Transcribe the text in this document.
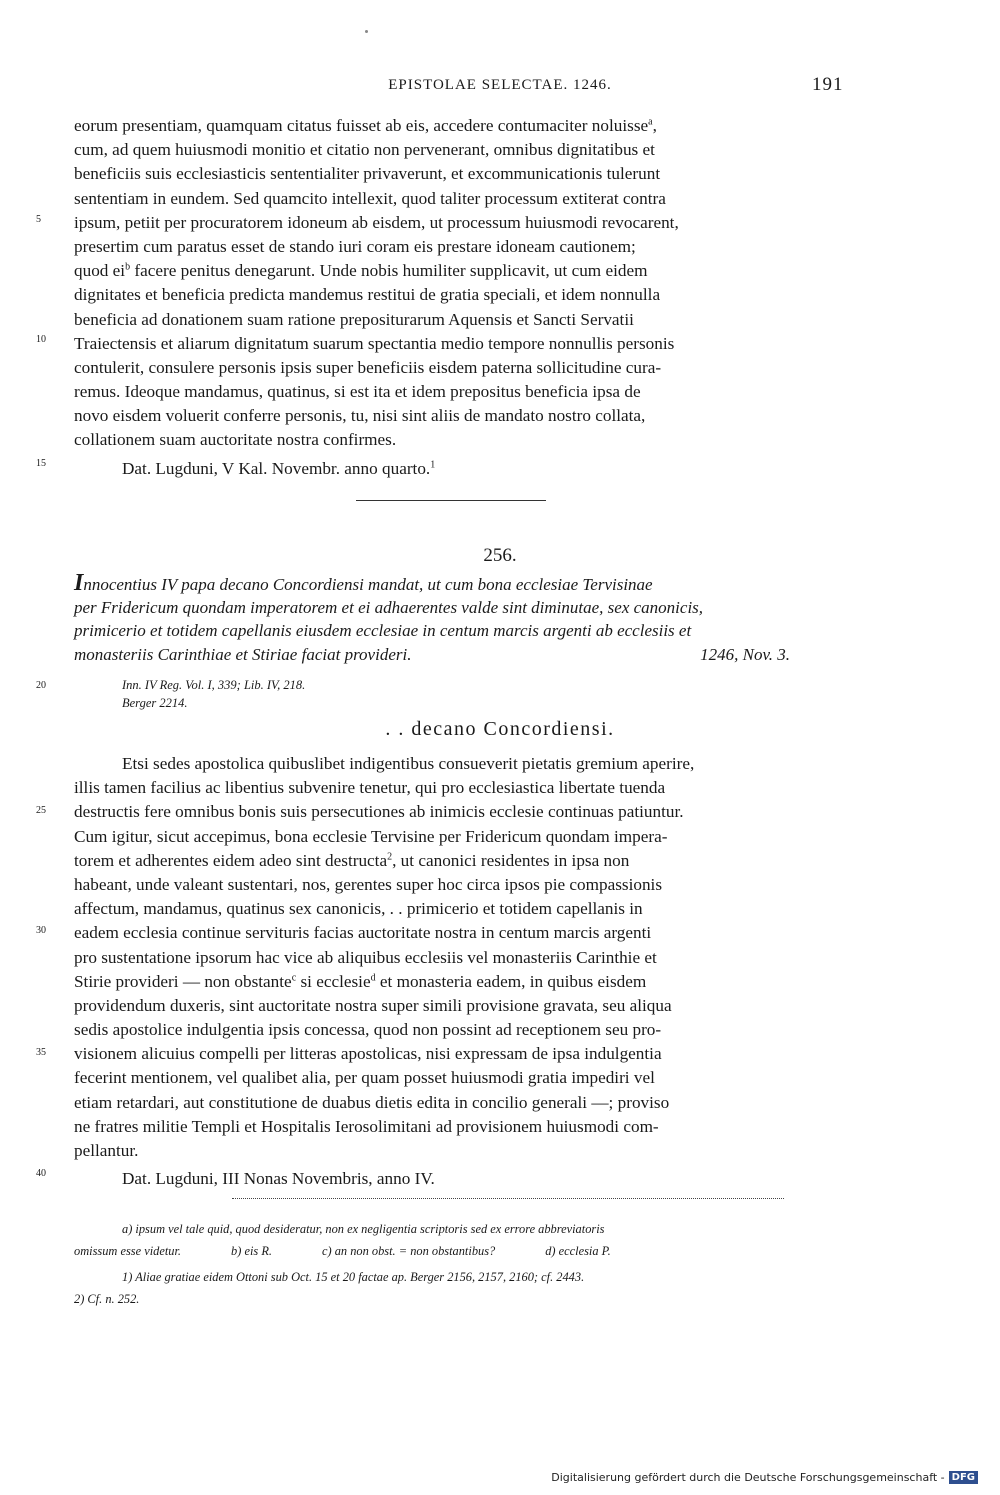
EPISTOLAE SELECTAE. 1246.	191
eorum presentiam, quamquam citatus fuisset ab eis, accedere contumaciter noluisse$^a$,
cum, ad quem huiusmodi monitio et citatio non pervenerant, omnibus dignitatibus et
beneficiis suis ecclesiasticis sententialiter privaverunt, et excommunicationis tulerunt
sententiam in eundem. Sed quamcito intellexit, quod taliter processum extiterat contra
ipsum, petiit per procuratorem idoneum ab eisdem, ut processum huiusmodi revocarent,
presertim cum paratus esset de stando iuri coram eis prestare idoneam cautionem;
quod $ei^b$ facere penitus denegarunt. Unde nobis humiliter supplicavit, ut cum eidem
dignitates et beneficia predicta mandemus restitui de gratia speciali, et idem nonnulla
beneficia ad donationem suam ratione prepositurarum Aquensis et Sancti Servatii
Traiectensis et aliarum dignitatum suarum spectantia medio tempore nonnullis personis
contulerit, consulere personis ipsis super beneficiis eisdem paterna sollicitudine cura-
remus. Ideoque mandamus, quatinus, si est ita et idem prepositus beneficia ipsa de
novo eisdem voluerit conferre personis, tu, nisi sint aliis de mandato nostro collata,
collationem suam auctoritate nostra confirmes.
Dat. Lugduni, V Kal. Novembr. anno quarto.$^1$
5
10
15
256.
Innocentius IV papa decano Concordiensi mandat, ut cum bona ecclesiae Tervisinae
per Fridericum quondam imperatorem et ei adhaerentes valde sint diminutae, sex canonicis,
primicerio et totidem capellanis eiusdem ecclesiae in centum marcis argenti ab ecclesiis et
monasteriis Carinthiae et Stiriae faciat provideri.	1246, Nov. 3.
Inn. IV Reg. Vol. I, 339; Lib. IV, 218.
Berger 2214.
. . decano Concordiensi.
Etsi sedes apostolica quibuslibet indigentibus consueverit pietatis gremium aperire,
illis tamen facilius ac libentius subvenire tenetur, qui pro ecclesiastica libertate tuenda
destructis fere omnibus bonis suis persecutiones ab inimicis ecclesie continuas patiuntur.
Cum igitur, sicut accepimus, bona ecclesie Tervisine per Fridericum quondam impera-
torem et adherentes eidem adeo sint destructa$^2$, ut canonici residentes in ipsa non
habeant, unde valeant sustentari, nos, gerentes super hoc circa ipsos pie compassionis
affectum, mandamus, quatinus sex canonicis, . . primicerio et totidem capellanis in
eadem ecclesia continue servituris facias auctoritate nostra in centum marcis argenti
pro sustentatione ipsorum hac vice ab aliquibus ecclesiis vel monasteriis Carinthie et
Stirie provideri — non obstante$^c$ si ecclesie$^d$ et monasteria eadem, in quibus eisdem
providendum duxeris, sint auctoritate nostra super simili provisione gravata, seu aliqua
sedis apostolice indulgentia ipsis concessa, quod non possint ad receptionem seu pro-
visionem alicuius compelli per litteras apostolicas, nisi expressam de ipsa indulgentia
fecerint mentionem, vel qualibet alia, per quam posset huiusmodi gratia impediri vel
etiam retardari, aut constitutione de duabus dietis edita in concilio generali —; proviso
ne fratres militie Templi et Hospitalis Ierosolimitani ad provisionem huiusmodi com-
pellantur.
Dat. Lugduni, III Nonas Novembris, anno IV.
20
25
30
35
40
a) ipsum vel tale quid, quod desideratur, non ex negligentia scriptoris sed ex errore abbreviatoris
omissum esse videtur.	b) eis R.	c) an non obst. = non obstantibus?	d) ecclesia P.
1) Aliae gratiae eidem Ottoni sub Oct. 15 et 20 factae ap. Berger 2156, 2157, 2160; cf. 2443.
2) Cf. n. 252.
Digitalisierung gefördert durch die Deutsche Forschungsgemeinschaft - DFG
